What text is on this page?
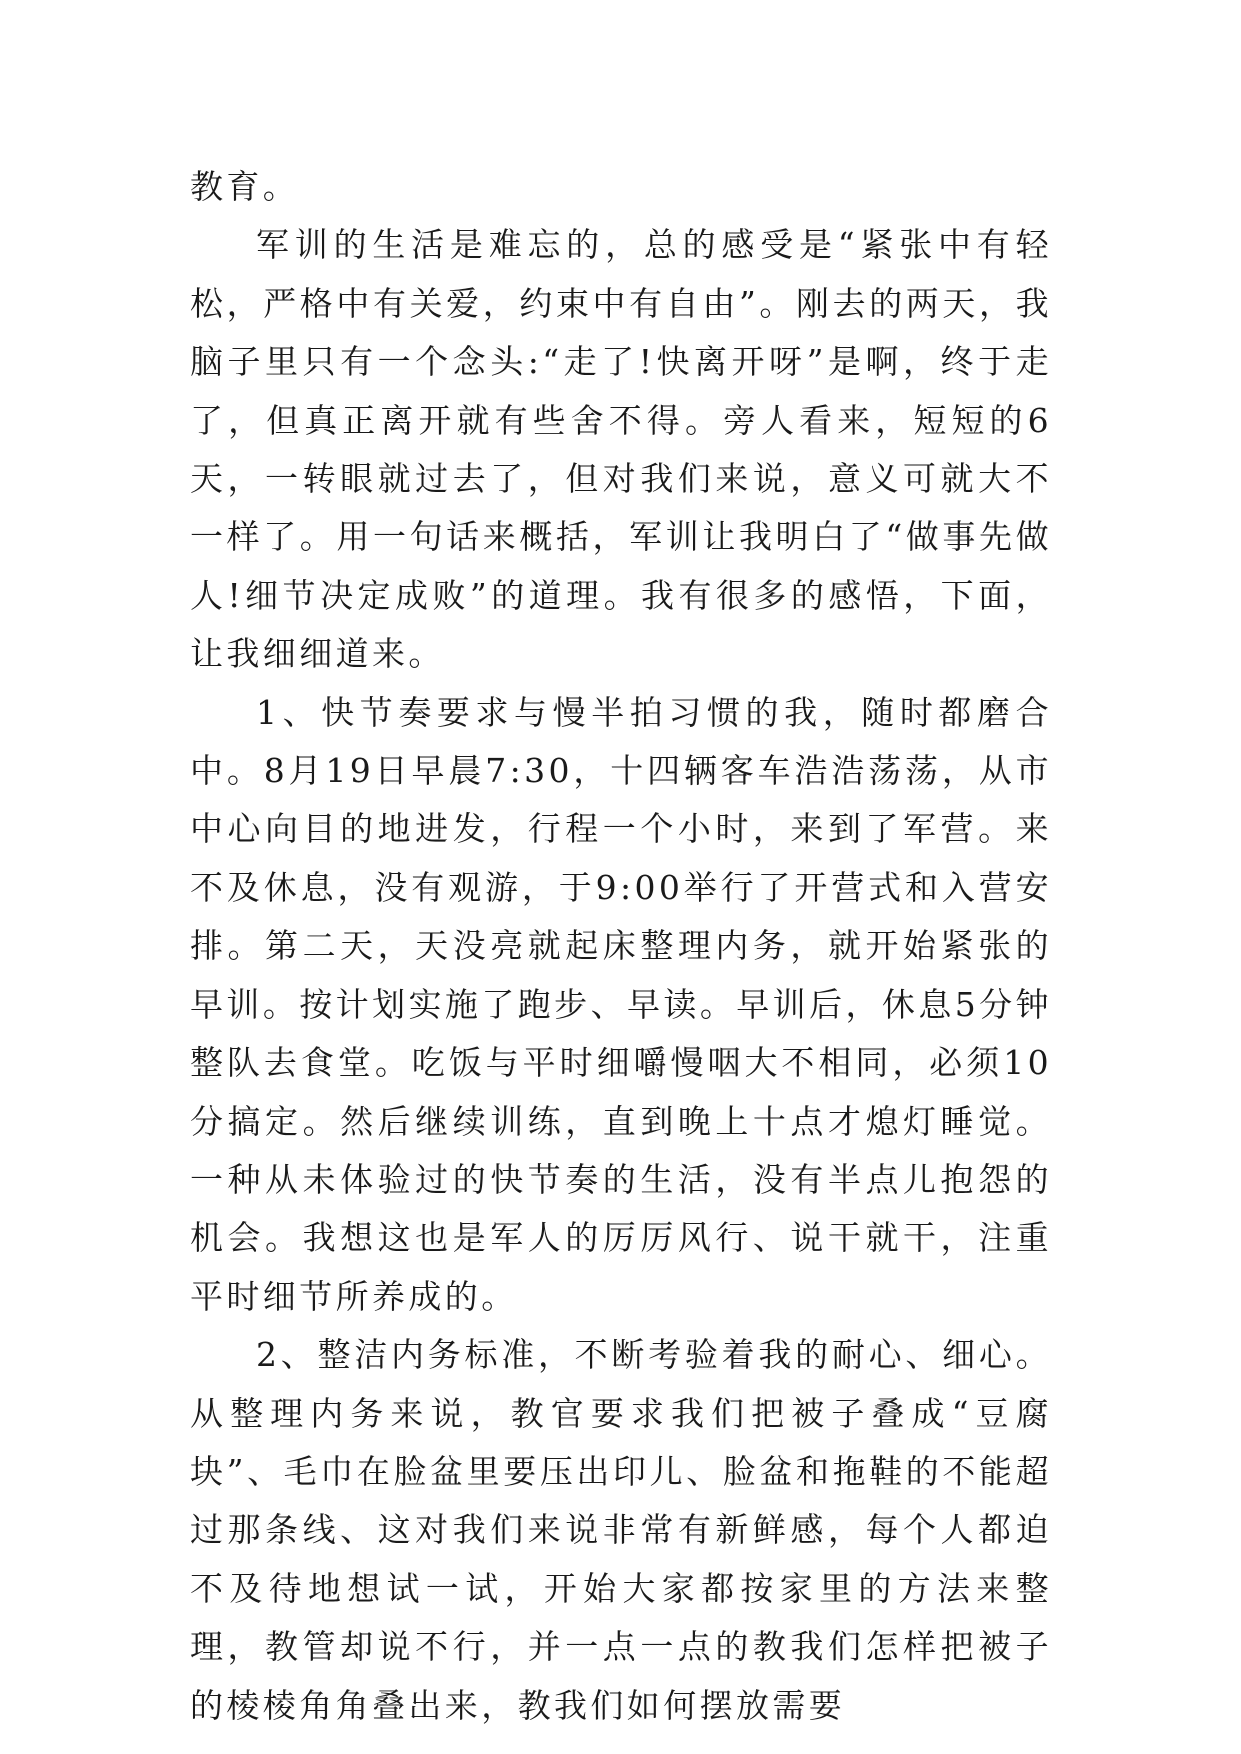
教育。

军训的生活是难忘的，总的感受是“紧张中有轻松，严格中有关爱，约束中有自由”。刚去的两天，我脑子里只有一个念头:“走了!快离开呀”是啊，终于走了，但真正离开就有些舍不得。旁人看来，短短的6天，一转眼就过去了，但对我们来说，意义可就大不一样了。用一句话来概括，军训让我明白了“做事先做人!细节决定成败”的道理。我有很多的感悟，下面，让我细细道来。

1、快节奏要求与慢半拍习惯的我，随时都磨合中。8月19日早晨7:30，十四辆客车浩浩荡荡，从市中心向目的地进发，行程一个小时，来到了军营。来不及休息，没有观游，于9:00举行了开营式和入营安排。第二天，天没亮就起床整理内务，就开始紧张的早训。按计划实施了跑步、早读。早训后，休息5分钟整队去食堂。吃饭与平时细嚼慢咽大不相同，必须10分搞定。然后继续训练，直到晚上十点才熄灯睡觉。一种从未体验过的快节奏的生活，没有半点儿抱怨的机会。我想这也是军人的厉厉风行、说干就干，注重平时细节所养成的。

2、整洁内务标准，不断考验着我的耐心、细心。从整理内务来说，教官要求我们把被子叠成“豆腐块”、毛巾在脸盆里要压出印儿、脸盆和拖鞋的不能超过那条线、这对我们来说非常有新鲜感，每个人都迫不及待地想试一试，开始大家都按家里的方法来整理，教管却说不行，并一点一点的教我们怎样把被子的棱棱角角叠出来，教我们如何摆放需要
